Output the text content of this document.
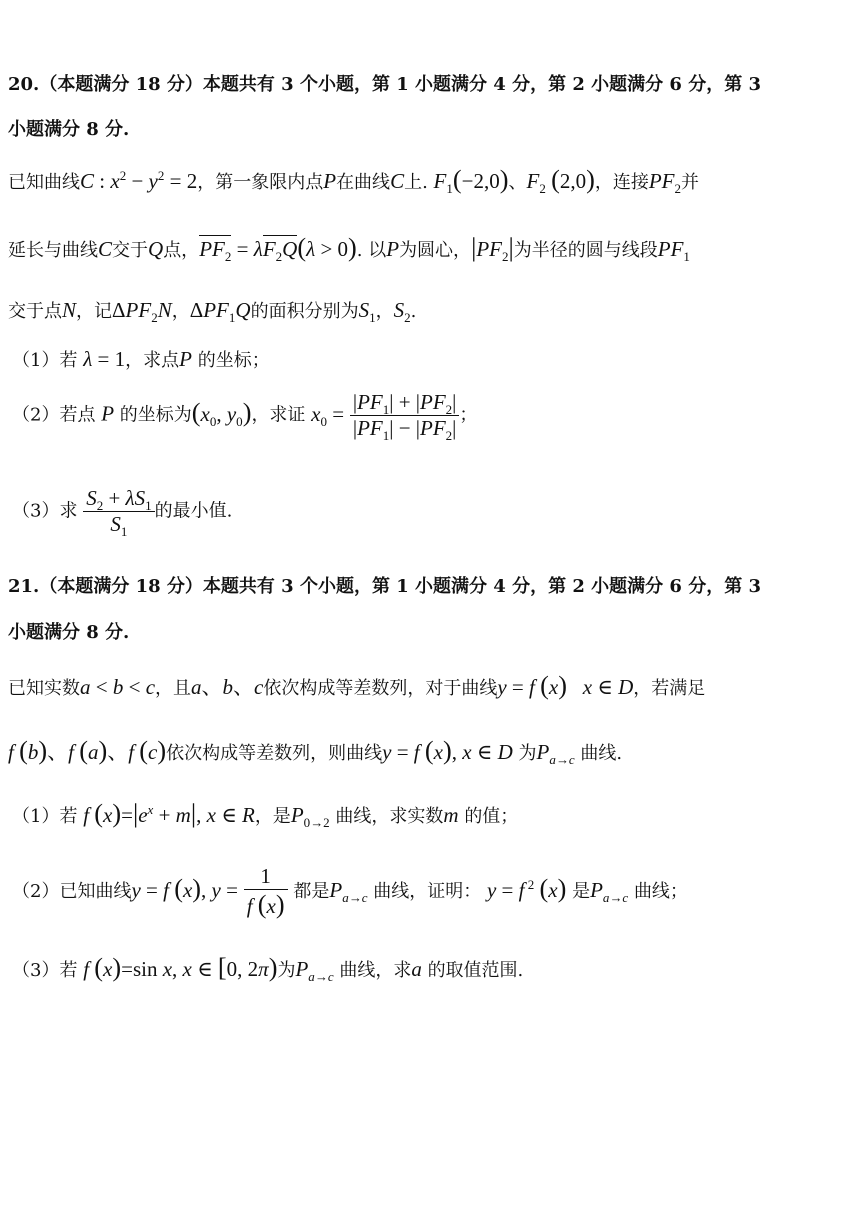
20.（本题满分 18 分）本题共有 3 个小题，第 1 小题满分 4 分，第 2 小题满分 6 分，第 3
小题满分 8 分.
已知曲线C : $x^2 - y^2 = 2$，第一象限内点P在曲线C上. $F_1(-2,0)$、$F_2$ (2,0)，连接$PF_2$并
延长与曲线C交于Q点，$PF_2 = \lambda F_2Q(\lambda > 0)$. 以P为圆心，$|PF_2|$为半径的圆与线段$PF_1$
交于点N，记$\Delta PF_2N$，$\Delta PF_1Q$的面积分别为$S_1$，$S_2$.
（1）若 λ = 1，求点P 的坐标；
（2）若点 P 的坐标为($x_0$, $y_0$)，求证 $x_0 = \frac{|PF_1| + |PF_2|}{|PF_1| - |PF_2|}$ ；
（3）求 $\frac{S_2 + \lambda S_1}{S_1}$ 的最小值.
21.（本题满分 18 分）本题共有 3 个小题，第 1 小题满分 4 分，第 2 小题满分 6 分，第 3
小题满分 8 分.
已知实数a < b < c，且a、b、c依次构成等差数列，对于曲线y = f (x) x ∈ D，若满足
f (b)、f (a)、f (c)依次构成等差数列，则曲线y = f (x), x ∈ D 为$P_{a\to c}$ 曲线.
（1）若 f $(x)=|e^x + m|$, x ∈ R，是$P_{0\to 2}$ 曲线，求实数m 的值；
（2）已知曲线y = f (x), $y = \frac{1}{f (x)}$ 都是$P_{a\to c}$ 曲线，证明： y = f $^2$ (x) 是$P_{a\to c}$ 曲线；
（3）若 f (x)=sin x, x ∈ [0, 2π)为$P_{a\to c}$ 曲线，求a 的取值范围.
